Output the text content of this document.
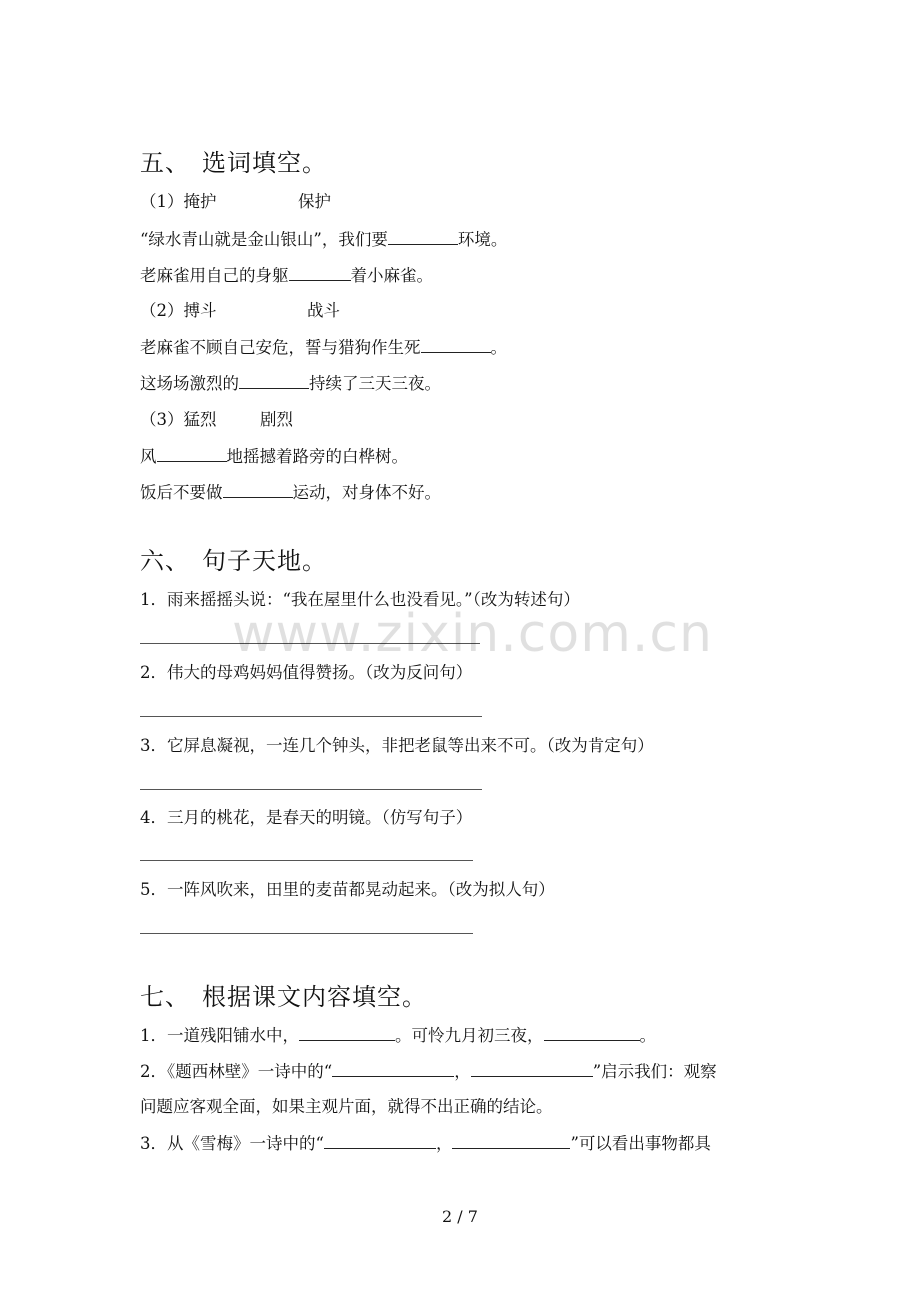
五、 选词填空。
（1）掩护	保护
“绿水青山就是金山银山”，我们要	环境。
老麻雀用自己的身躯	着小麻雀。
（2）搏斗	战斗
老麻雀不顾自己安危，誓与猎狗作生死	。
这场场激烈的	持续了三天三夜。
（3）猛烈	剧烈
风	地摇撼着路旁的白桦树。
饭后不要做	运动，对身体不好。
六、 句子天地。
1．雨来摇摇头说：“我在屋里什么也没看见。”（改为转述句）
2．伟大的母鸡妈妈值得赞扬。（改为反问句）
3．它屏息凝视，一连几个钟头，非把老鼠等出来不可。（改为肯定句）
4．三月的桃花，是春天的明镜。（仿写句子）
5．一阵风吹来，田里的麦苗都晃动起来。（改为拟人句）
七、 根据课文内容填空。
1．一道残阳铺水中，	。可怜九月初三夜，	。
2．《题西林壁》一诗中的“	，	”启示我们：观察
问题应客观全面，如果主观片面，就得不出正确的结论。
3．从《雪梅》一诗中的“	，	”可以看出事物都具
www.zixin.com.cn
2 / 7
